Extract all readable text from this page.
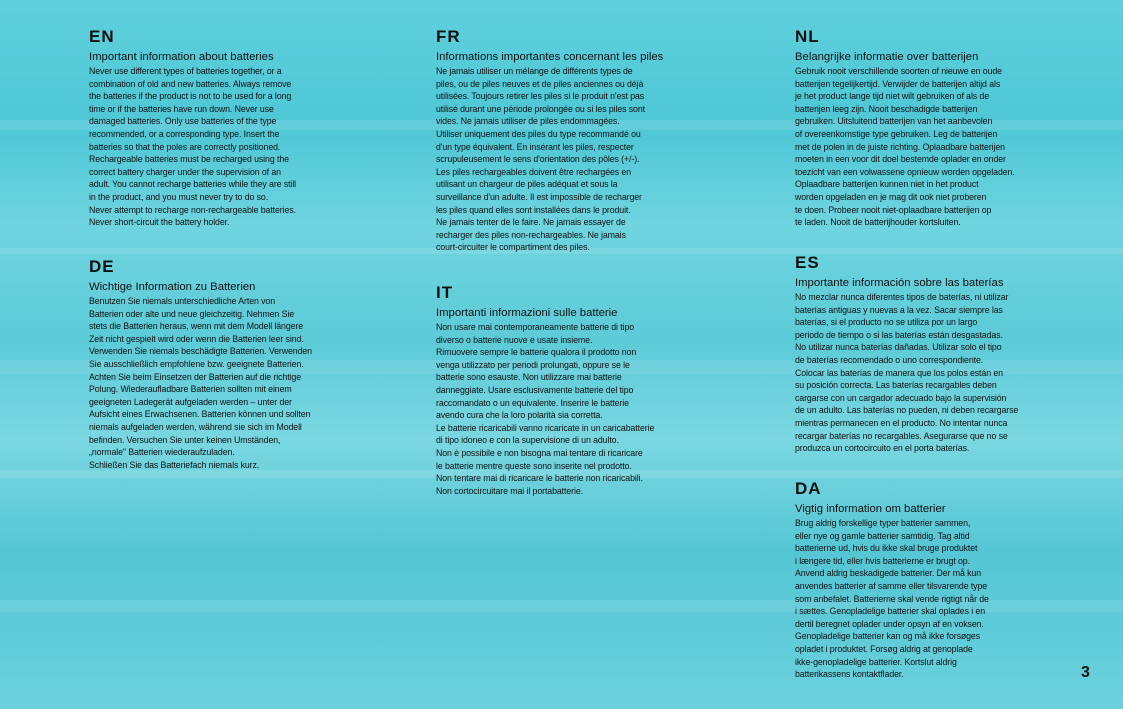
EN
Important information about batteries
Never use different types of batteries together, or a
combination of old and new batteries. Always remove
the batteries if the product is not to be used for a long
time or if the batteries have run down. Never use
damaged batteries. Only use batteries of the type
recommended, or a corresponding type. Insert the
batteries so that the poles are correctly positioned.
Rechargeable batteries must be recharged using the
correct battery charger under the supervision of an
adult. You cannot recharge batteries while they are still
in the product, and you must never try to do so.
Never attempt to recharge non-rechargeable batteries.
Never short-circuit the battery holder.
DE
Wichtige Information zu Batterien
Benutzen Sie niemals unterschiedliche Arten von
Batterien oder alte und neue gleichzeitig. Nehmen Sie
stets die Batterien heraus, wenn mit dem Modell längere
Zeit nicht gespielt wird oder wenn die Batterien leer sind.
Verwenden Sie niemals beschädigte Batterien. Verwenden
Sie ausschließlich empfohlene bzw. geeignete Batterien.
Achten Sie beim Einsetzen der Batterien auf die richtige
Polung. Wiederaufladbare Batterien sollten mit einem
geeigneten Ladegerät aufgeladen werden – unter der
Aufsicht eines Erwachsenen. Batterien können und sollten
niemals aufgeladen werden, während sie sich im Modell
befinden. Versuchen Sie unter keinen Umständen,
„normale" Batterien wiederaufzuladen.
Schließen Sie das Batteriefach niemals kurz.
FR
Informations importantes concernant les piles
Ne jamais utiliser un mélange de différents types de
piles, ou de piles neuves et de piles anciennes ou déjà
utilisées. Toujours retirer les piles si le produit n'est pas
utilisé durant une période prolongée ou si les piles sont
vides. Ne jamais utiliser de piles endommagées.
Utiliser uniquement des piles du type recommandé ou
d'un type équivalent. En insérant les piles, respecter
scrupuleusement le sens d'orientation des pôles (+/-).
Les piles rechargeables doivent être rechargées en
utilisant un chargeur de piles adéquat et sous la
surveillance d'un adulte. Il est impossible de recharger
les piles quand elles sont installées dans le produit.
Ne jamais tenter de le faire. Ne jamais essayer de
recharger des piles non-rechargeables. Ne jamais
court-circuiter le compartiment des piles.
IT
Importanti informazioni sulle batterie
Non usare mai contemporaneamente batterie di tipo
diverso o batterie nuove e usate insieme.
Rimuovere sempre le batterie qualora il prodotto non
venga utilizzato per periodi prolungati, oppure se le
batterie sono esauste. Non utilizzare mai batterie
danneggiate. Usare esclusivamente batterie del tipo
raccomandato o un equivalente. Inserire le batterie
avendo cura che la loro polarità sia corretta.
Le batterie ricaricabili vanno ricaricate in un caricabatterie
di tipo idoneo e con la supervisione di un adulto.
Non è possibile e non bisogna mai tentare di ricaricare
le batterie mentre queste sono inserite nel prodotto.
Non tentare mai di ricaricare le batterie non ricaricabili.
Non cortocircuitare mai il portabatterie.
NL
Belangrijke informatie over batterijen
Gebruik nooit verschillende soorten of nieuwe en oude
batterijen tegelijkertijd. Verwijder de batterijen altijd als
je het product lange tijd niet wilt gebruiken of als de
batterijen leeg zijn. Nooit beschadigde batterijen
gebruiken. Uitsluitend batterijen van het aanbevolen
of overeenkomstige type gebruiken. Leg de batterijen
met de polen in de juiste richting. Oplaadbare batterijen
moeten in een voor dit doel bestemde oplader en onder
toezicht van een volwassene opnieuw worden opgeladen.
Oplaadbare batterijen kunnen niet in het product
worden opgeladen en je mag dit ook niet proberen
te doen. Probeer nooit niet-oplaadbare batterijen op
te laden. Nooit de batterijhouder kortsluiten.
ES
Importante información sobre las baterías
No mezclar nunca diferentes tipos de baterías, ni utilizar
baterías antiguas y nuevas a la vez. Sacar siempre las
baterías, si el producto no se utiliza por un largo
periodo de tiempo o si las baterías están desgastadas.
No utilizar nunca baterías dañadas. Utilizar solo el tipo
de baterías recomendado o uno correspondiente.
Colocar las baterías de manera que los polos están en
su posición correcta. Las baterías recargables deben
cargarse con un cargador adecuado bajo la supervisión
de un adulto. Las baterías no pueden, ni deben recargarse
mientras permanecen en el producto. No intentar nunca
recargar baterías no recargables. Asegurarse que no se
produzca un cortocircuito en el porta baterías.
DA
Vigtig information om batterier
Brug aldrig forskellige typer batterier sammen,
eller nye og gamle batterier samtidig. Tag altid
batterierne ud, hvis du ikke skal bruge produktet
i længere tid, eller hvis batterierne er brugt op.
Anvend aldrig beskadigede batterier. Der må kun
anvendes batterier af samme eller tilsvarende type
som anbefalet. Batterierne skal vende rigtigt når de
i sættes. Genopladelige batterier skal oplades i en
dertil beregnet oplader under opsyn af en voksen.
Genopladelige batterier kan og må ikke forsøges
opladet i produktet. Forsøg aldrig at genoplade
ikke-genopladelige batterier. Kortslut aldrig
batterikassens kontaktflader.	3
